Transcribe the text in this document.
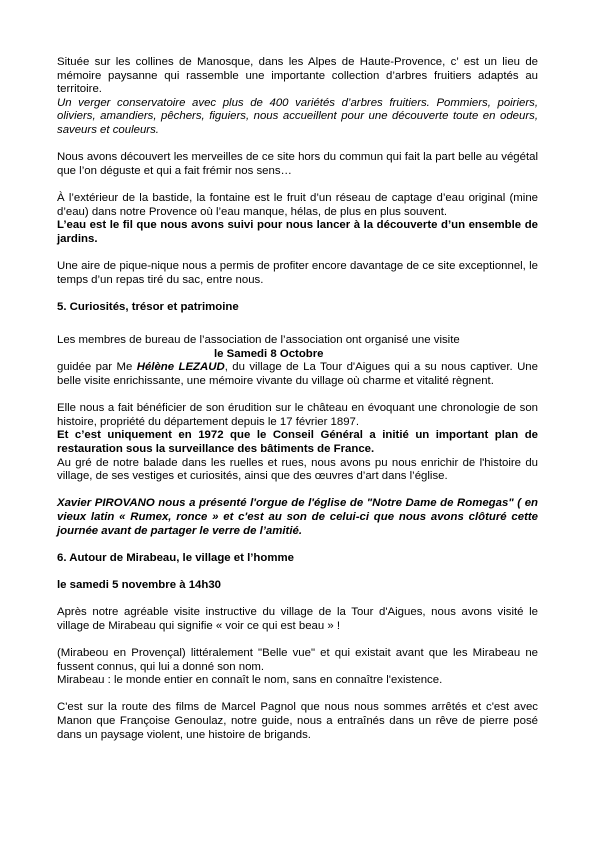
Située sur les collines de Manosque, dans les Alpes de Haute-Provence, c’ est un lieu de mémoire paysanne qui rassemble une importante collection d’arbres fruitiers adaptés au territoire.

Un verger conservatoire avec plus de 400 variétés d’arbres fruitiers. Pommiers, poiriers, oliviers, amandiers, pêchers, figuiers, nous accueillent pour une découverte toute en odeurs, saveurs et couleurs.

Nous avons découvert les merveilles de ce site hors du commun qui fait la part belle au végétal que l’on déguste et qui a fait frémir nos sens…

À l’extérieur de la bastide, la fontaine est le fruit d’un réseau de captage d’eau original (mine d’eau) dans notre Provence où l’eau manque, hélas, de plus en plus souvent.

L’eau est le fil que nous avons suivi pour nous lancer à la découverte d’un ensemble de jardins.

Une aire de pique-nique nous a permis de profiter encore davantage de ce site exceptionnel, le temps d’un repas tiré du sac, entre nous.

5. Curiosités, trésor et patrimoine

Les membres de bureau de l’association de l’association ont organisé une visite

le Samedi 8 Octobre

guidée par Me Hélène LEZAUD, du village de La Tour d'Aigues qui a su nous captiver. Une belle visite enrichissante, une mémoire vivante du village où charme et vitalité règnent.

Elle nous a fait bénéficier de son érudition sur le château en évoquant une chronologie de son histoire, propriété du département depuis le 17 février 1897.

Et c’est uniquement en 1972 que le Conseil Général a initié un important plan de restauration sous la surveillance des bâtiments de France.

Au gré de notre balade dans les ruelles et rues, nous avons pu nous enrichir de l'histoire du village, de ses vestiges et curiosités, ainsi que des œuvres d’art dans l’église.

Xavier PIROVANO nous a présenté l'orgue de l'église de "Notre Dame de Romegas" ( en vieux latin « Rumex, ronce » et c'est au son de celui-ci que nous avons clôturé cette journée avant de partager le verre de l’amitié.

6. Autour de Mirabeau, le village et l’homme

le samedi 5 novembre à 14h30

Après notre agréable visite instructive du village de la Tour d'Aigues, nous avons visité le village de Mirabeau qui signifie « voir ce qui est beau » !

(Mirabeou en Provençal) littéralement "Belle vue" et qui existait avant que les Mirabeau ne fussent connus, qui lui a donné son nom.

Mirabeau : le monde entier en connaît le nom, sans en connaître l'existence.

C'est sur la route des films de Marcel Pagnol que nous nous sommes arrêtés et c'est avec Manon que Françoise Genoulaz, notre guide, nous a entraînés dans un rêve de pierre posé dans un paysage violent, une histoire de brigands.
